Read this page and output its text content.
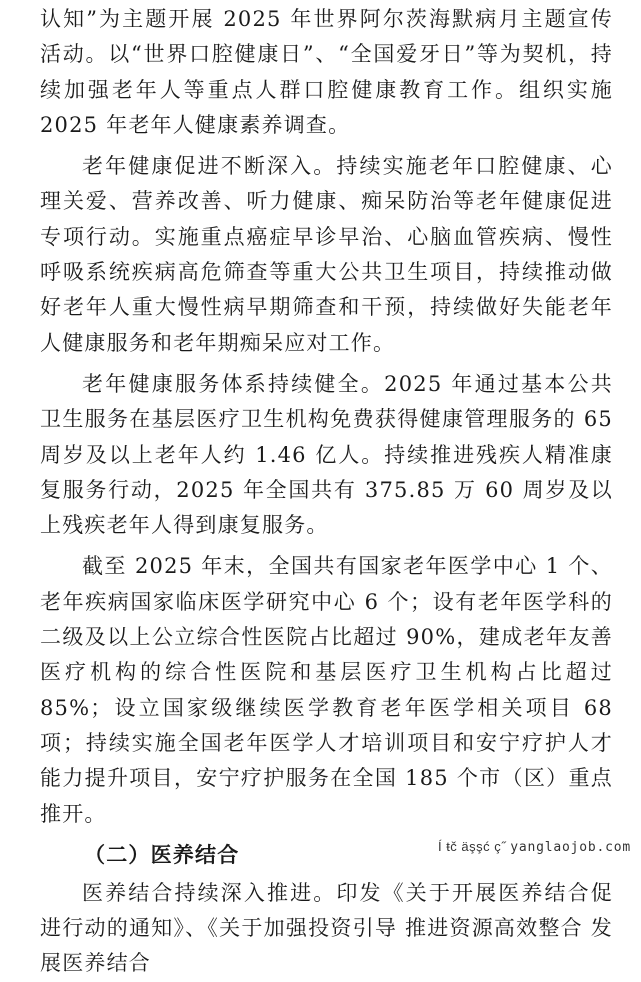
认知”为主题开展 2025 年世界阿尔茨海默病月主题宣传活动。以“世界口腔健康日”、“全国爱牙日”等为契机，持续加强老年人等重点人群口腔健康教育工作。组织实施 2025 年老年人健康素养调查。

老年健康促进不断深入。持续实施老年口腔健康、心理关爱、营养改善、听力健康、痴呆防治等老年健康促进专项行动。实施重点癌症早诊早治、心脑血管疾病、慢性呼吸系统疾病高危筛查等重大公共卫生项目，持续推动做好老年人重大慢性病早期筛查和干预，持续做好失能老年人健康服务和老年期痴呆应对工作。

老年健康服务体系持续健全。2025 年通过基本公共卫生服务在基层医疗卫生机构免费获得健康管理服务的 65 周岁及以上老年人约 1.46 亿人。持续推进残疾人精准康复服务行动，2025 年全国共有 375.85 万 60 周岁及以上残疾老年人得到康复服务。

截至 2025 年末，全国共有国家老年医学中心 1 个、老年疾病国家临床医学研究中心 6 个；设有老年医学科的二级及以上公立综合性医院占比超过 90%，建成老年友善医疗机构的综合性医院和基层医疗卫生机构占比超过 85%；设立国家级继续医学教育老年医学相关项目 68 项；持续实施全国老年医学人才培训项目和安宁疗护人才能力提升项目，安宁疗护服务在全国 185 个市（区）重点推开。

（二）医养结合

医养结合持续深入推进。印发《关于开展医养结合促进行动的通知》、《关于加强投资引导 推进资源高效整合 发展医养结合

Í ŧč äşşć ç˝ yanglaojob.com
